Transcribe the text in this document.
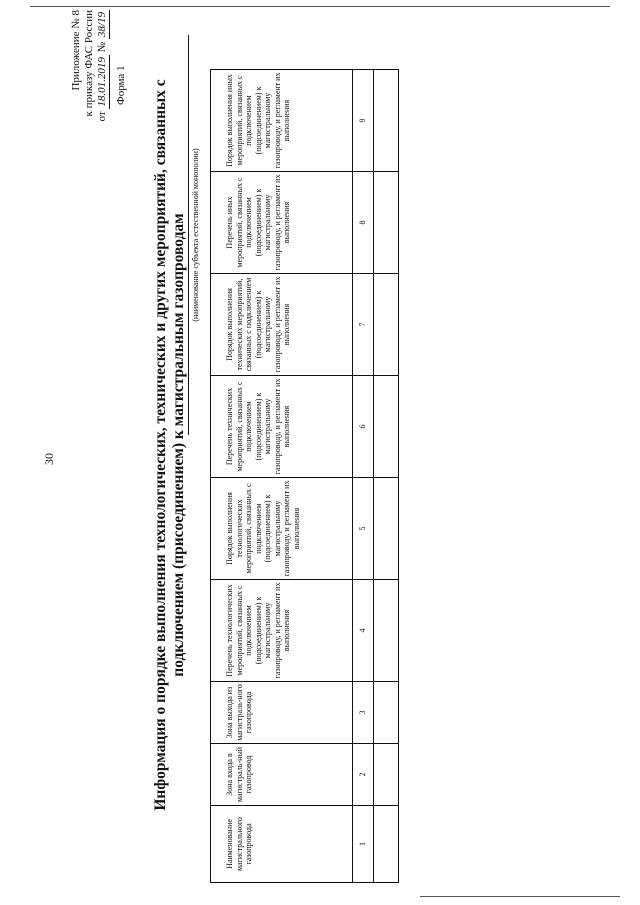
30
Приложение № 8 к приказу ФАС России от 18.01.2019 № 38/19
Форма 1 Информация о порядке выполнения технологических, технических и других мероприятий, связанных с подключением (присоединением) к магистральным газопроводам (наименование субъекта естественной монополии)
Наименование магистрального газопровода	Зона входа в магистраль-ный газопровод	Зона выхода из магистраль-ного газопровода	Перечень технологических мероприятий, связанных с подключением (подсоединением) к магистральному газопроводу, и регламент их выполнения	Порядок выполнения технологических мероприятий, связанных с подключением (подсоединением) к магистральному газопроводу, и регламент их выполнения	Перечень технических мероприятий, связанных с подключением (подсоединением) к магистральному газопроводу, и регламент их выполнения	Порядок выполнения технических мероприятий, связанных с подключением (подсоединением) к магистральному газопроводу, и регламент их выполнения	Перечень иных мероприятий, связанных с подключением (подсоединением) к магистральному газопроводу, и регламент их выполнения	Порядок выполнения иных мероприятий, связанных с подключением (подсоединением) к магистральному газопроводу, и регламент их выполнения
1	2	3	4	5	6	7	8	9
